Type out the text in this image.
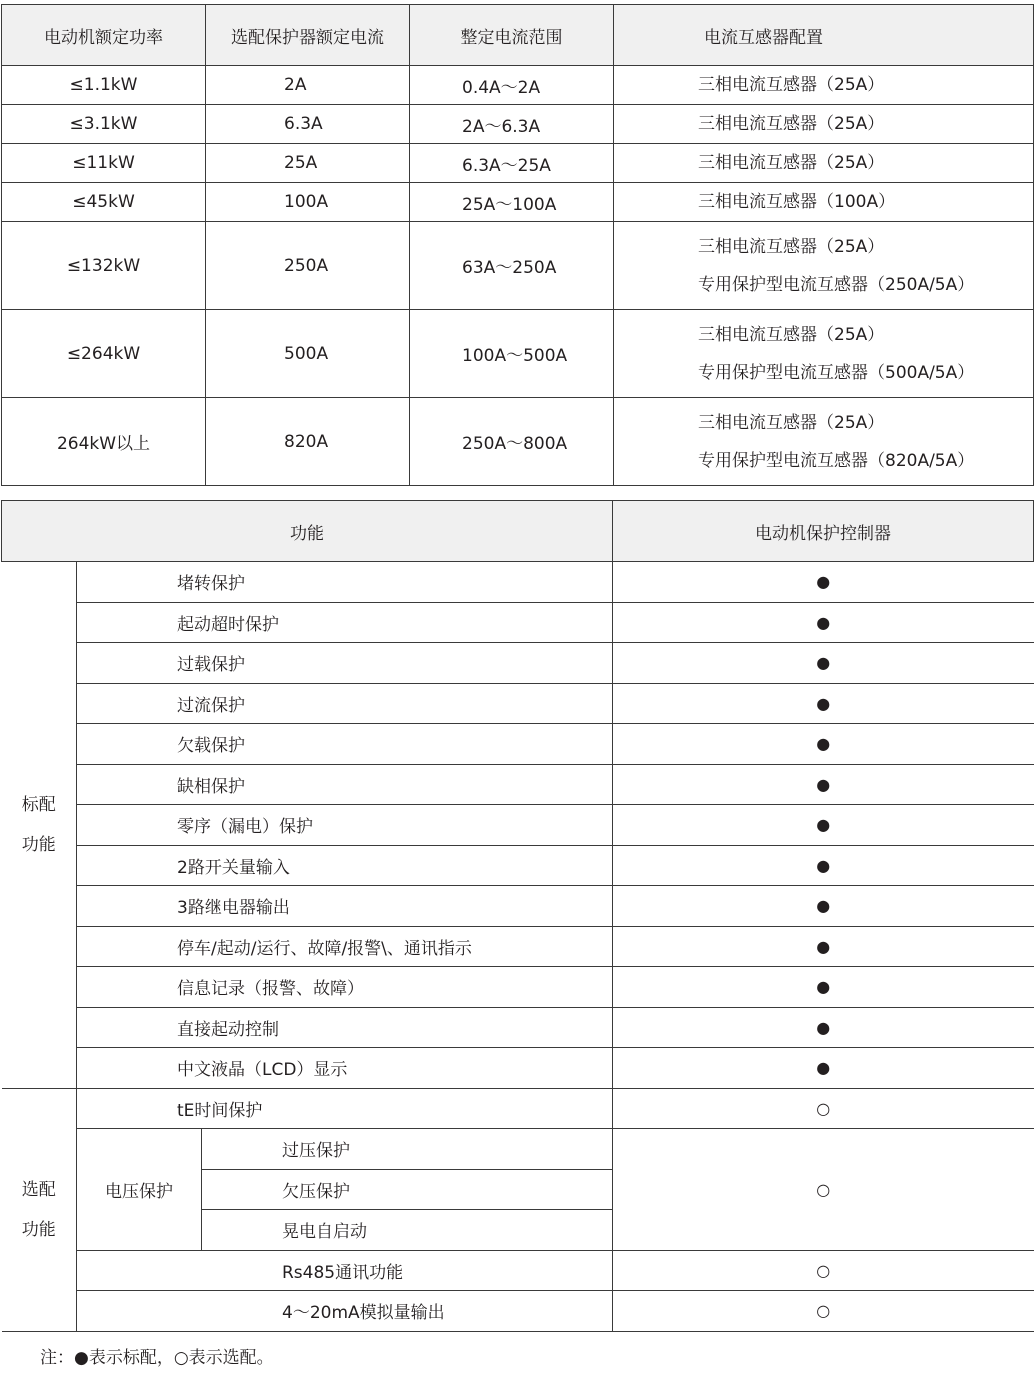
电动机额定功率	选配保护器额定电流	整定电流范围	电流互感器配置
≤1.1kW	2A	0.4A～2A	三相电流互感器（25A）

≤3.1kW	6.3A	2A～6.3A	三相电流互感器（25A）

≤11kW	25A	6.3A～25A	三相电流互感器（25A）

≤45kW	100A	25A～100A	三相电流互感器（100A）

≤132kW	250A	63A～250A	三相电流互感器（25A）
专用保护型电流互感器（250A/5A）

≤264kW	500A	100A～500A	三相电流互感器（25A）
专用保护型电流互感器（500A/5A）

264kW以上	820A	250A～800A	三相电流互感器（25A）
专用保护型电流互感器（820A/5A）
功能			电动机保护控制器

标配
功能	堵转保护		●
	起动超时保护		●
	过载保护		●
	过流保护		●
	欠载保护		●
	缺相保护		●
	零序（漏电）保护		●
	2路开关量输入		●
	3路继电器输出		●
	停车/起动/运行、故障/报警\、通讯指示		●
	信息记录（报警、故障）		●
	直接起动控制		●
	中文液晶（LCD）显示		●

选配
功能	tE时间保护		○
	电压保护	过压保护	○
		欠压保护	
		晃电自启动	
	Rs485通讯功能		○
	4～20mA模拟量输出		○
注：●表示标配，○表示选配。
